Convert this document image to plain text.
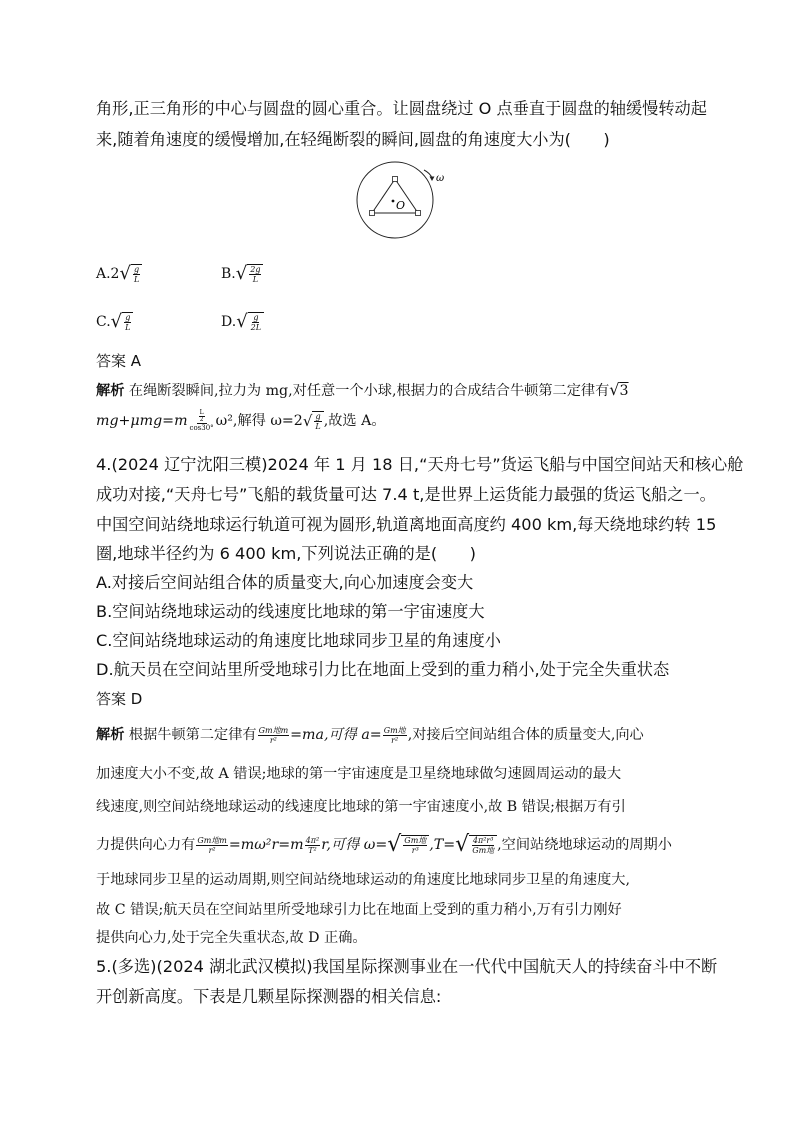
角形,正三角形的中心与圆盘的圆心重合。让圆盘绕过 O 点垂直于圆盘的轴缓慢转动起
来,随着角速度的缓慢增加,在轻绳断裂的瞬间,圆盘的角速度大小为(　　)
O
ω
A.2 √ $\frac{g}{L}$	B. √ $\frac{2g}{L}$
C. √ $\frac{g}{L}$	D. √ $\frac{g}{2L}$
答案 A
解析 在绳断裂瞬间,拉力为 mg,对任意一个小球,根据力的合成结合牛顿第二定律有√3
$mg+\mu mg=m \frac{\frac{L}{2}}{\cos 30^\circ} \omega^2$,解得 ω=2 √ $\frac{g}{L}$ ,故选 A。
4.(2024 辽宁沈阳三模)2024 年 1 月 18 日,“天舟七号”货运飞船与中国空间站天和核心舱
成功对接,“天舟七号”飞船的载货量可达 7.4 t,是世界上运货能力最强的货运飞船之一。
中国空间站绕地球运行轨道可视为圆形,轨道离地面高度约 400 km,每天绕地球约转 15
圈,地球半径约为 6 400 km,下列说法正确的是(　　)
A.对接后空间站组合体的质量变大,向心加速度会变大
B.空间站绕地球运动的线速度比地球的第一宇宙速度大
C.空间站绕地球运动的角速度比地球同步卫星的角速度小
D.航天员在空间站里所受地球引力比在地面上受到的重力稍小,处于完全失重状态
答案 D
解析 根据牛顿第二定律有 $\frac{\text{Gm地m}}{\text{r²}} =ma$,可得 $a= \frac{\text{Gm地}}{\text{r²}}$ ,对接后空间站组合体的质量变大,向心
加速度大小不变,故 A 错误;地球的第一宇宙速度是卫星绕地球做匀速圆周运动的最大
线速度,则空间站绕地球运动的线速度比地球的第一宇宙速度小,故 B 错误;根据万有引
力提供向心力有 $\frac{\text{Gm地m}}{\text{r²}} =m\omega^2r=m \frac{\text{4π²}}{\text{T²}} r$,可得 ω= √ $\frac{\text{Gm地}}{\text{r³}} ,T=$ √ $\frac{\text{4π²r³}}{\text{Gm地}}$ ,空间站绕地球运动的周期小
于地球同步卫星的运动周期,则空间站绕地球运动的角速度比地球同步卫星的角速度大,
故 C 错误;航天员在空间站里所受地球引力比在地面上受到的重力稍小,万有引力刚好
提供向心力,处于完全失重状态,故 D 正确。
5.(多选)(2024 湖北武汉模拟)我国星际探测事业在一代代中国航天人的持续奋斗中不断
开创新高度。下表是几颗星际探测器的相关信息:
